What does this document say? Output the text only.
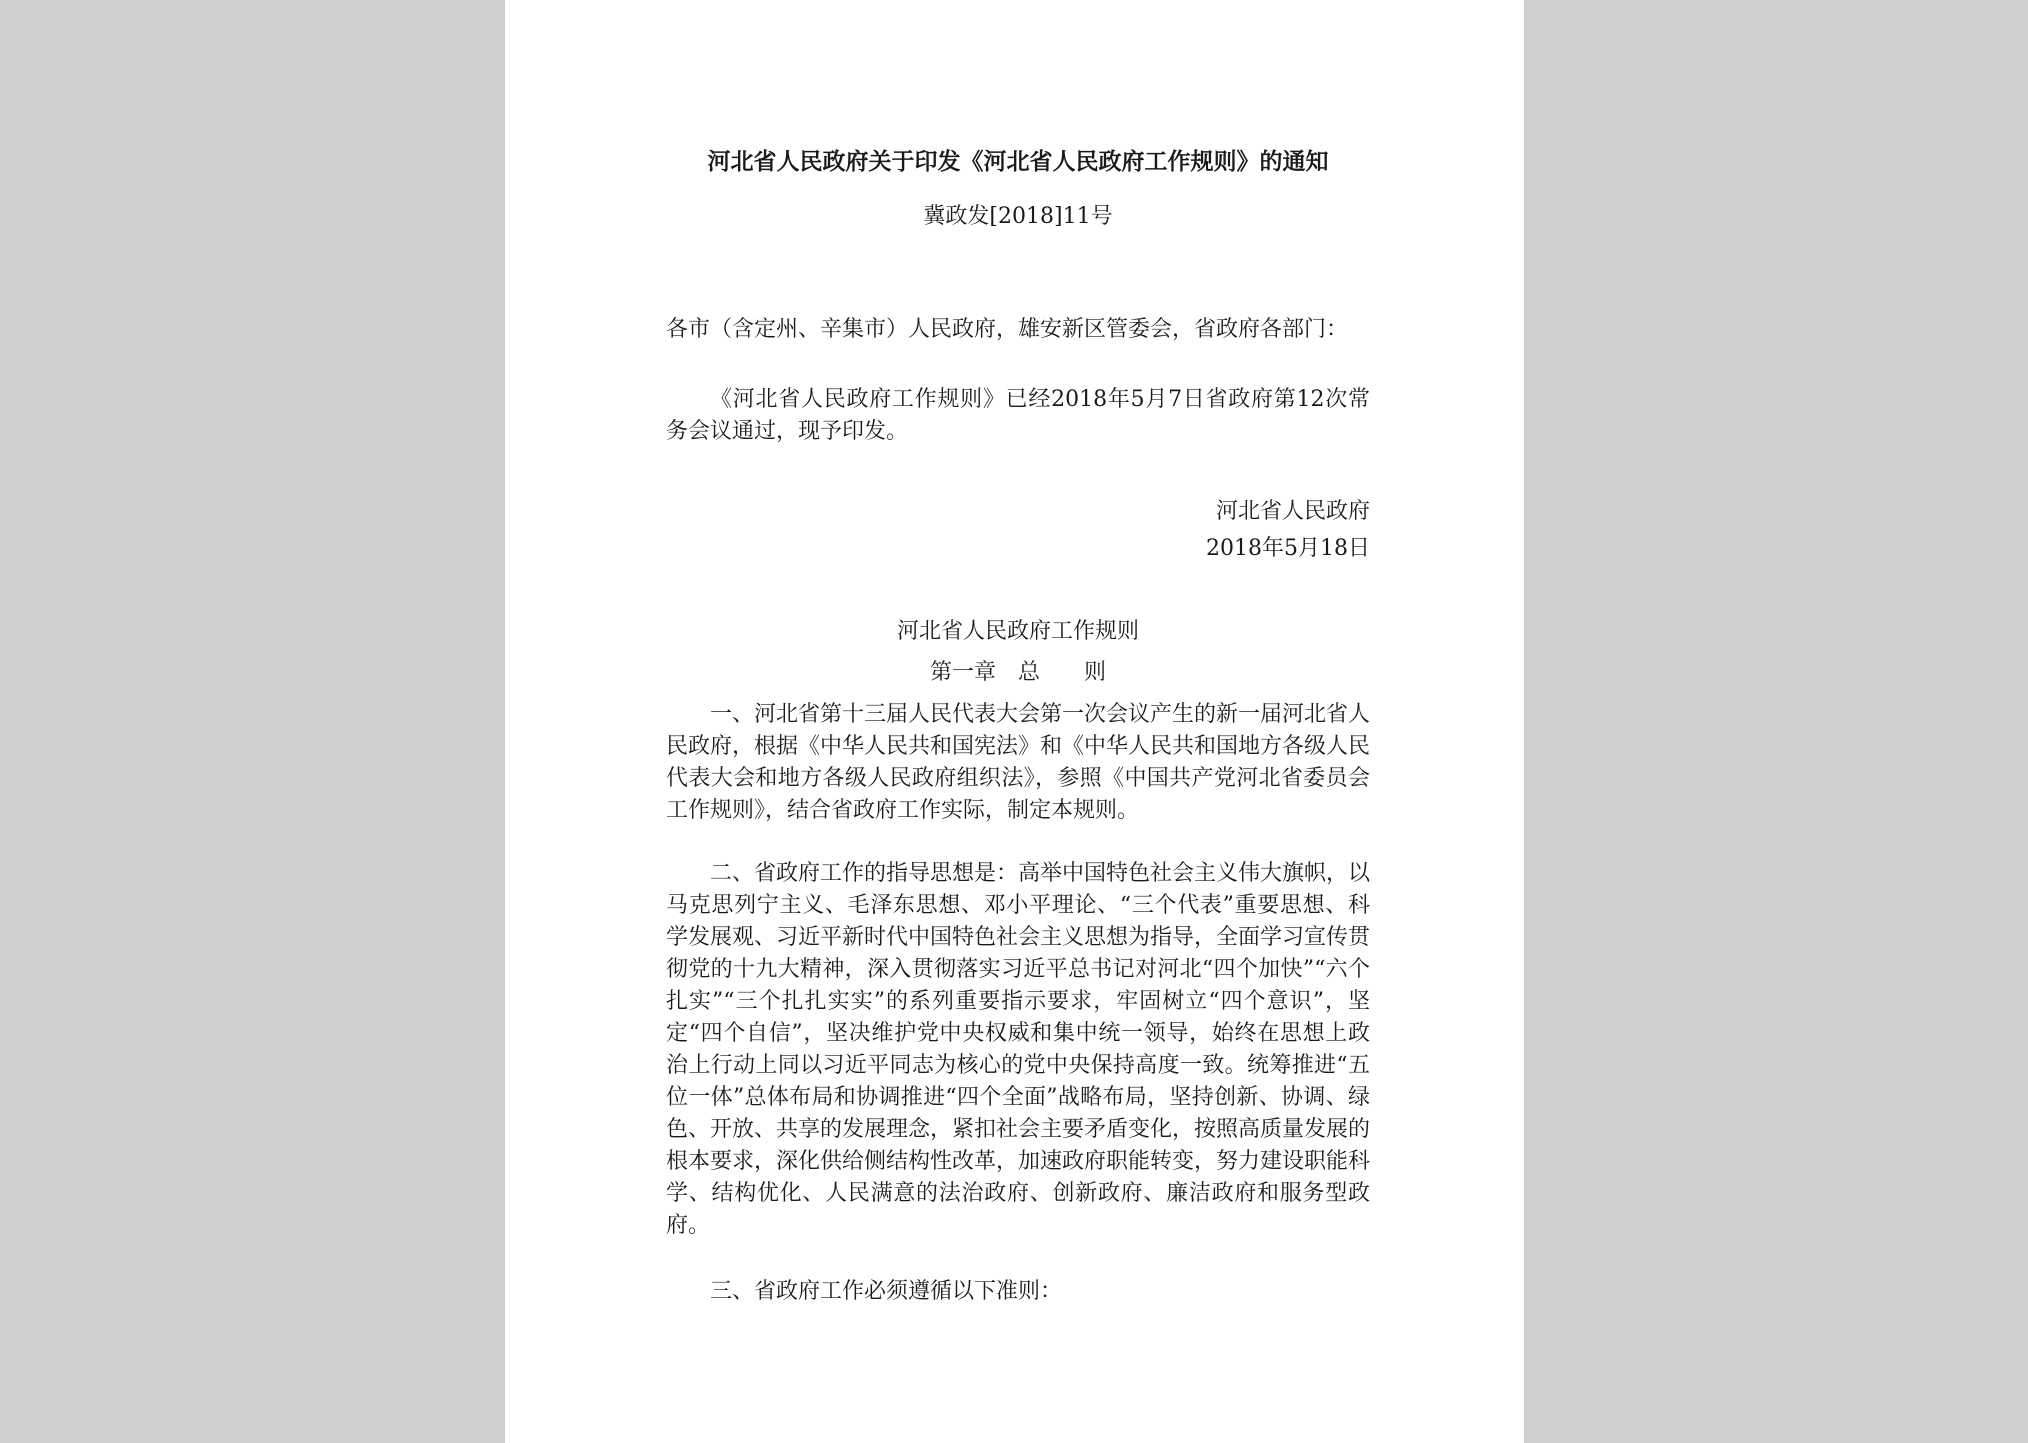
河北省人民政府关于印发《河北省人民政府工作规则》的通知
冀政发[2018]11号

各市（含定州、辛集市）人民政府，雄安新区管委会，省政府各部门：

《河北省人民政府工作规则》已经2018年5月7日省政府第12次常务会议通过，现予印发。

河北省人民政府
2018年5月18日
河北省人民政府工作规则
第一章　总　　则

一、河北省第十三届人民代表大会第一次会议产生的新一届河北省人民政府，根据《中华人民共和国宪法》和《中华人民共和国地方各级人民代表大会和地方各级人民政府组织法》，参照《中国共产党河北省委员会工作规则》，结合省政府工作实际，制定本规则。

二、省政府工作的指导思想是：高举中国特色社会主义伟大旗帜，以马克思列宁主义、毛泽东思想、邓小平理论、“三个代表”重要思想、科学发展观、习近平新时代中国特色社会主义思想为指导，全面学习宣传贯彻党的十九大精神，深入贯彻落实习近平总书记对河北“四个加快”“六个扎实”“三个扎扎实实”的系列重要指示要求，牢固树立“四个意识”，坚定“四个自信”，坚决维护党中央权威和集中统一领导，始终在思想上政治上行动上同以习近平同志为核心的党中央保持高度一致。统筹推进“五位一体”总体布局和协调推进“四个全面”战略布局，坚持创新、协调、绿色、开放、共享的发展理念，紧扣社会主要矛盾变化，按照高质量发展的根本要求，深化供给侧结构性改革，加速政府职能转变，努力建设职能科学、结构优化、人民满意的法治政府、创新政府、廉洁政府和服务型政府。

三、省政府工作必须遵循以下准则：
